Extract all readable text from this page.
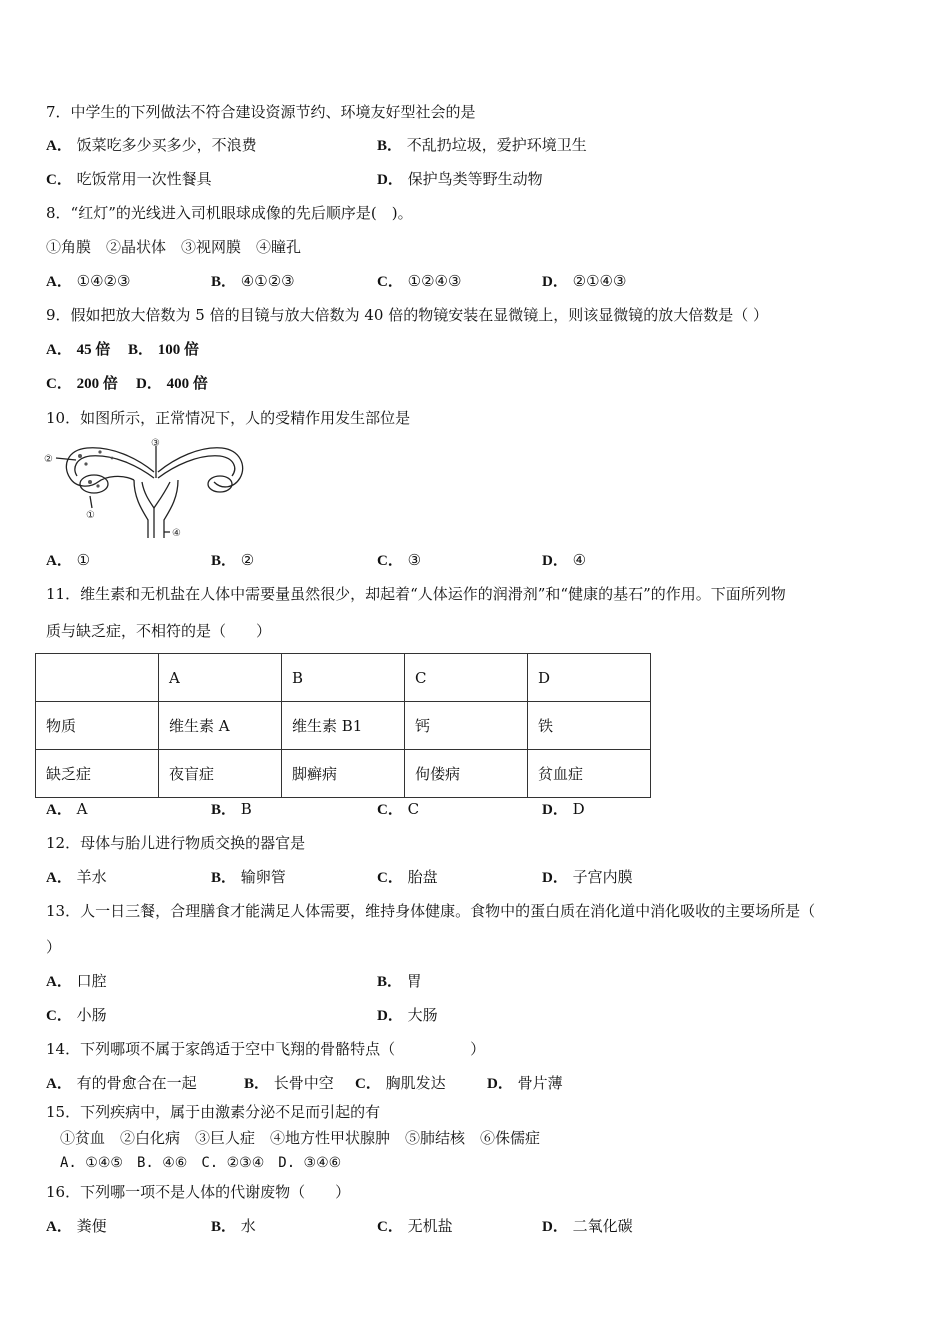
7．中学生的下列做法不符合建设资源节约、环境友好型社会的是
A． 饭菜吃多少买多少，不浪费	B． 不乱扔垃圾，爱护环境卫生
C． 吃饭常用一次性餐具	D． 保护鸟类等野生动物
8．“红灯”的光线进入司机眼球成像的先后顺序是(　)。
①角膜　②晶状体　③视网膜　④瞳孔
A． ①④②③	B． ④①②③	C． ①②④③	D． ②①④③
9．假如把放大倍数为 5 倍的目镜与放大倍数为 40 倍的物镜安装在显微镜上，则该显微镜的放大倍数是（ ）
A． 45 倍 B． 100 倍
C． 200 倍 D． 400 倍
10．如图所示，正常情况下，人的受精作用发生部位是
③
②
①
④
A． ①	B． ②	C． ③	D． ④
11．维生素和无机盐在人体中需要量虽然很少，却起着“人体运作的润滑剂”和“健康的基石”的作用。下面所列物
质与缺乏症，不相符的是（　　）
	A	B	C	D
物质	维生素 A	维生素 B1	钙	铁
缺乏症	夜盲症	脚癣病	佝偻病	贫血症
A． A	B． B	C． C	D． D
12．母体与胎儿进行物质交换的器官是
A． 羊水	B． 输卵管	C． 胎盘	D． 子宫内膜
13．人一日三餐，合理膳食才能满足人体需要，维持身体健康。食物中的蛋白质在消化道中消化吸收的主要场所是（
）
A． 口腔	B． 胃
C． 小肠	D． 大肠
14．下列哪项不属于家鸽适于空中飞翔的骨骼特点（　　　　　）
A． 有的骨愈合在一起	B． 长骨中空 C． 胸肌发达	D． 骨片薄
15．下列疾病中，属于由激素分泌不足而引起的有
①贫血　②白化病　③巨人症　④地方性甲状腺肿　⑤肺结核　⑥侏儒症
A. ①④⑤　B. ④⑥　C. ②③④　D. ③④⑥
16．下列哪一项不是人体的代谢废物（　　）
A． 粪便	B． 水	C． 无机盐	D． 二氧化碳
